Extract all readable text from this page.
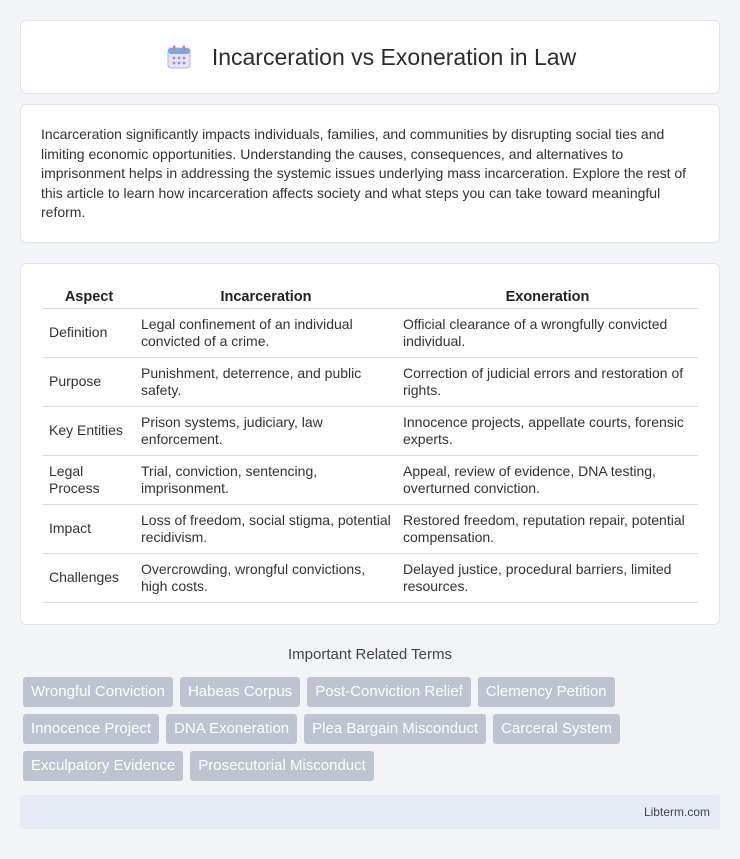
Incarceration vs Exoneration in Law

Incarceration significantly impacts individuals, families, and communities by disrupting social ties and limiting economic opportunities. Understanding the causes, consequences, and alternatives to imprisonment helps in addressing the systemic issues underlying mass incarceration. Explore the rest of this article to learn how incarceration affects society and what steps you can take toward meaningful reform.

Aspect	Incarceration	Exoneration
Definition	Legal confinement of an individual convicted of a crime.	Official clearance of a wrongfully convicted individual.
Purpose	Punishment, deterrence, and public safety.	Correction of judicial errors and restoration of rights.
Key Entities	Prison systems, judiciary, law enforcement.	Innocence projects, appellate courts, forensic experts.
Legal Process	Trial, conviction, sentencing, imprisonment.	Appeal, review of evidence, DNA testing, overturned conviction.
Impact	Loss of freedom, social stigma, potential recidivism.	Restored freedom, reputation repair, potential compensation.
Challenges	Overcrowding, wrongful convictions, high costs.	Delayed justice, procedural barriers, limited resources.
Important Related Terms
Wrongful Conviction	Habeas Corpus	Post-Conviction Relief	Clemency Petition
Innocence Project	DNA Exoneration	Plea Bargain Misconduct	Carceral System
Exculpatory Evidence	Prosecutorial Misconduct
Libterm.com
